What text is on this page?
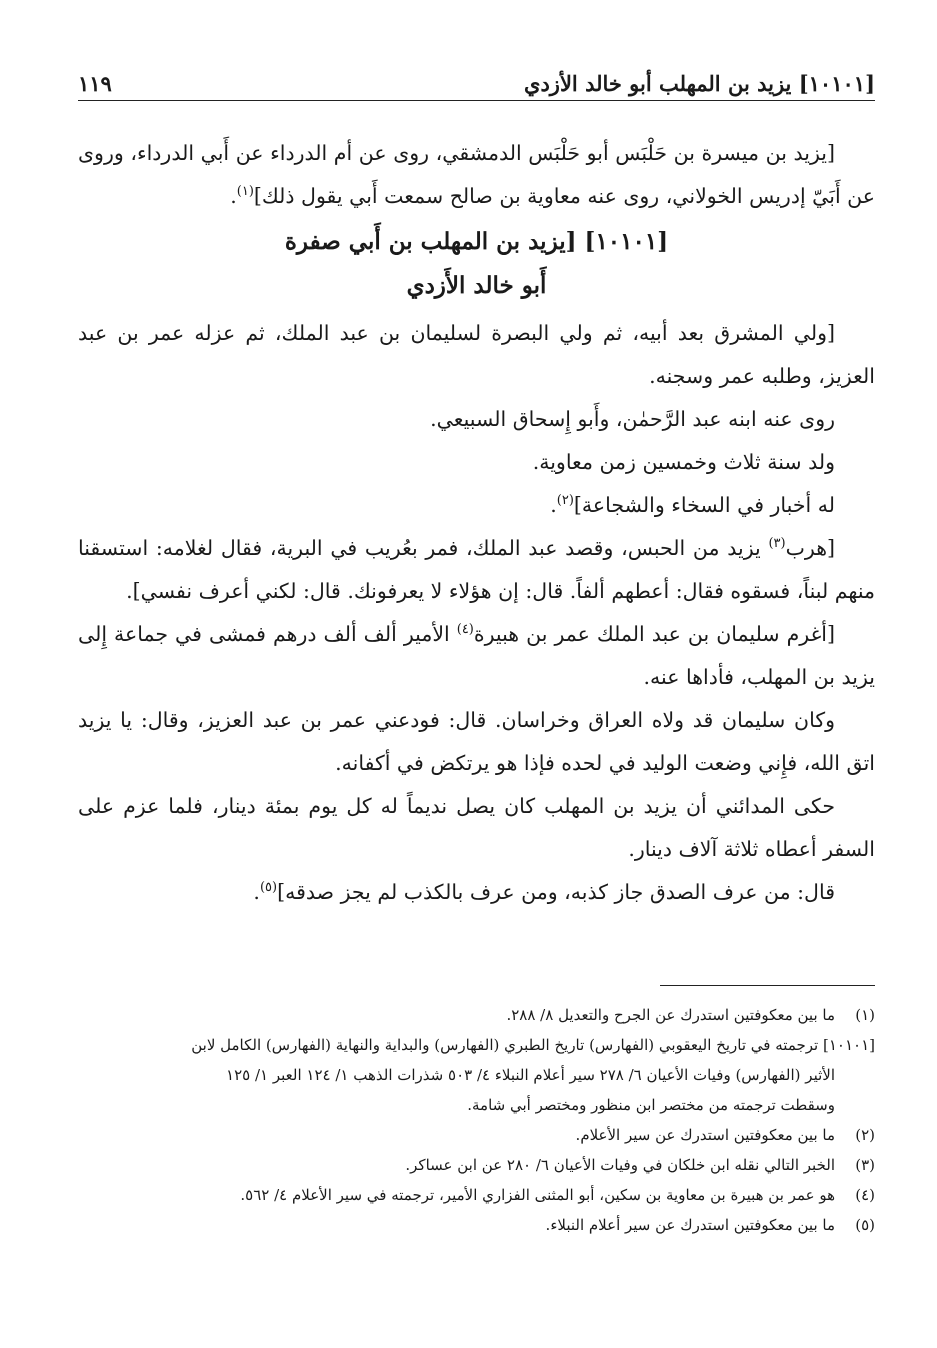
[١٠١٠١] يزيد بن المهلب أبو خالد الأزدي
١١٩

[يزيد بن ميسرة بن حَلْبَس أبو حَلْبَس الدمشقي، روى عن أم الدرداء عن أَبي الدرداء، وروى عن أَبَيّ إدريس الخولاني، روى عنه معاوية بن صالح سمعت أَبي يقول ذلك]$^{(١)}$.

[١٠١٠١] [يزيد بن المهلب بن أَبي صفرة
أَبو خالد الأَزدي

[ولي المشرق بعد أبيه، ثم ولي البصرة لسليمان بن عبد الملك، ثم عزله عمر بن عبد العزيز، وطلبه عمر وسجنه.

روى عنه ابنه عبد الرَّحمٰن، وأَبو إِسحاق السبيعي.

ولد سنة ثلاث وخمسين زمن معاوية.

له أخبار في السخاء والشجاعة]$^{(٢)}$.

[هرب$^{(٣)}$ يزيد من الحبس، وقصد عبد الملك، فمر بعُريب في البرية، فقال لغلامه: استسقنا منهم لبناً، فسقوه فقال: أعطهم ألفاً. قال: إن هؤلاء لا يعرفونك. قال: لكني أعرف نفسي].

[أغرم سليمان بن عبد الملك عمر بن هبيرة$^{(٤)}$ الأمير ألف ألف درهم فمشى في جماعة إِلى يزيد بن المهلب، فأداها عنه.

وكان سليمان قد ولاه العراق وخراسان. قال: فودعني عمر بن عبد العزيز، وقال: يا يزيد اتق الله، فإِني وضعت الوليد في لحده فإذا هو يرتكض في أكفانه.

حكى المدائني أن يزيد بن المهلب كان يصل نديماً له كل يوم بمئة دينار، فلما عزم على السفر أعطاه ثلاثة آلاف دينار.

قال: من عرف الصدق جاز كذبه، ومن عرف بالكذب لم يجز صدقه]$^{(٥)}$.

(١)
ما بين معكوفتين استدرك عن الجرح والتعديل ٨/ ٢٨٨.

[١٠١٠١] ترجمته في تاريخ اليعقوبي (الفهارس) تاريخ الطبري (الفهارس) والبداية والنهاية (الفهارس) الكامل لابن

الأثير (الفهارس) وفيات الأعيان ٦/ ٢٧٨ سير أعلام النبلاء ٤/ ٥٠٣ شذرات الذهب ١/ ١٢٤ العبر ١/ ١٢٥

وسقطت ترجمته من مختصر ابن منظور ومختصر أبي شامة.

(٢)
ما بين معكوفتين استدرك عن سير الأعلام.
(٣)
الخبر التالي نقله ابن خلكان في وفيات الأعيان ٦/ ٢٨٠ عن ابن عساكر.
(٤)
هو عمر بن هبيرة بن معاوية بن سكين، أبو المثنى الفزاري الأمير، ترجمته في سير الأعلام ٤/ ٥٦٢.
(٥)
ما بين معكوفتين استدرك عن سير أعلام النبلاء.
